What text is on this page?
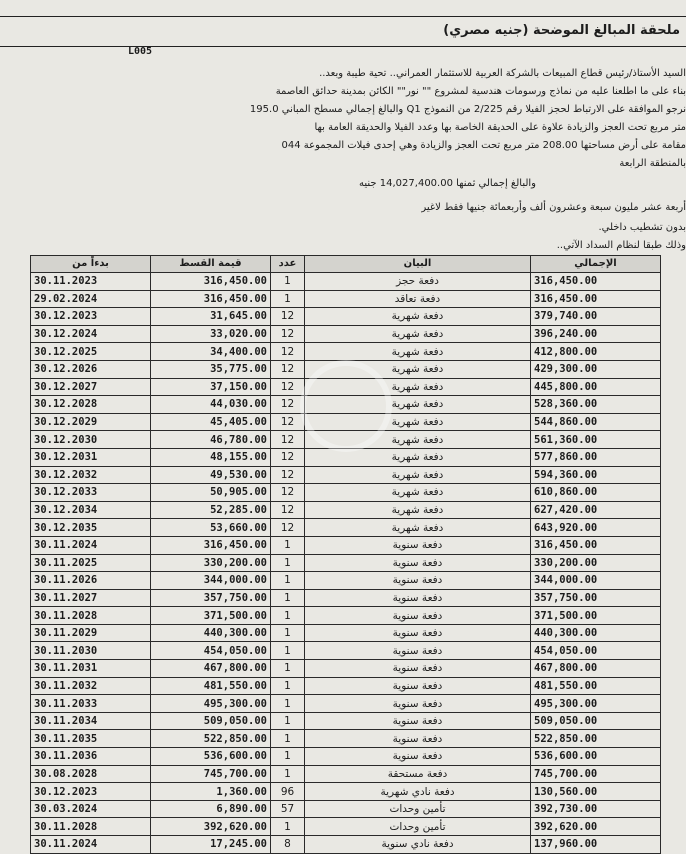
ملحقة المبالغ الموضحة (جنيه مصري)
L005
السيد الأستاذ/رئيس قطاع المبيعات بالشركة العربية للاستثمار العمراني.. تحية طيبة وبعد..
بناء على ما اطلعنا عليه من نماذج ورسومات هندسية لمشروع "" نور"" الكائن بمدينة حدائق العاصمة
نرجو الموافقة على الارتباط لحجز الفيلا رقم 2/225 من النموذج Q1 والبالغ إجمالي مسطح المباني 195.0
متر مربع تحت العجز والزيادة علاوة على الحديقة الخاصة بها وعدد الفيلا والحديقة العامة بها
مقامة على أرض مساحتها 208.00 متر مربع تحت العجز والزيادة وهي إحدى فيلات المجموعة 044
بالمنطقة الرابعة
والبالغ إجمالي ثمنها 14,027,400.00 جنيه
أربعة عشر مليون سبعة وعشرون ألف وأربعمائة جنيها فقط لاغير
بدون تشطيب داخلي.
وذلك طبقا لنظام السداد الآتي..
بدءاً من	قيمة القسط	عدد	البيان	الإجمالي
30.11.2023	316,450.00	1	دفعة حجز	316,450.00
29.02.2024	316,450.00	1	دفعة تعاقد	316,450.00
30.12.2023	31,645.00	12	دفعة شهرية	379,740.00
30.12.2024	33,020.00	12	دفعة شهرية	396,240.00
30.12.2025	34,400.00	12	دفعة شهرية	412,800.00
30.12.2026	35,775.00	12	دفعة شهرية	429,300.00
30.12.2027	37,150.00	12	دفعة شهرية	445,800.00
30.12.2028	44,030.00	12	دفعة شهرية	528,360.00
30.12.2029	45,405.00	12	دفعة شهرية	544,860.00
30.12.2030	46,780.00	12	دفعة شهرية	561,360.00
30.12.2031	48,155.00	12	دفعة شهرية	577,860.00
30.12.2032	49,530.00	12	دفعة شهرية	594,360.00
30.12.2033	50,905.00	12	دفعة شهرية	610,860.00
30.12.2034	52,285.00	12	دفعة شهرية	627,420.00
30.12.2035	53,660.00	12	دفعة شهرية	643,920.00
30.11.2024	316,450.00	1	دفعة سنوية	316,450.00
30.11.2025	330,200.00	1	دفعة سنوية	330,200.00
30.11.2026	344,000.00	1	دفعة سنوية	344,000.00
30.11.2027	357,750.00	1	دفعة سنوية	357,750.00
30.11.2028	371,500.00	1	دفعة سنوية	371,500.00
30.11.2029	440,300.00	1	دفعة سنوية	440,300.00
30.11.2030	454,050.00	1	دفعة سنوية	454,050.00
30.11.2031	467,800.00	1	دفعة سنوية	467,800.00
30.11.2032	481,550.00	1	دفعة سنوية	481,550.00
30.11.2033	495,300.00	1	دفعة سنوية	495,300.00
30.11.2034	509,050.00	1	دفعة سنوية	509,050.00
30.11.2035	522,850.00	1	دفعة سنوية	522,850.00
30.11.2036	536,600.00	1	دفعة سنوية	536,600.00
30.08.2028	745,700.00	1	دفعة مستحقة	745,700.00
30.12.2023	1,360.00	96	دفعة نادي شهرية	130,560.00
30.03.2024	6,890.00	57	تأمين وحدات	392,730.00
30.11.2028	392,620.00	1	تأمين وحدات	392,620.00
30.11.2024	17,245.00	8	دفعة نادي سنوية	137,960.00
